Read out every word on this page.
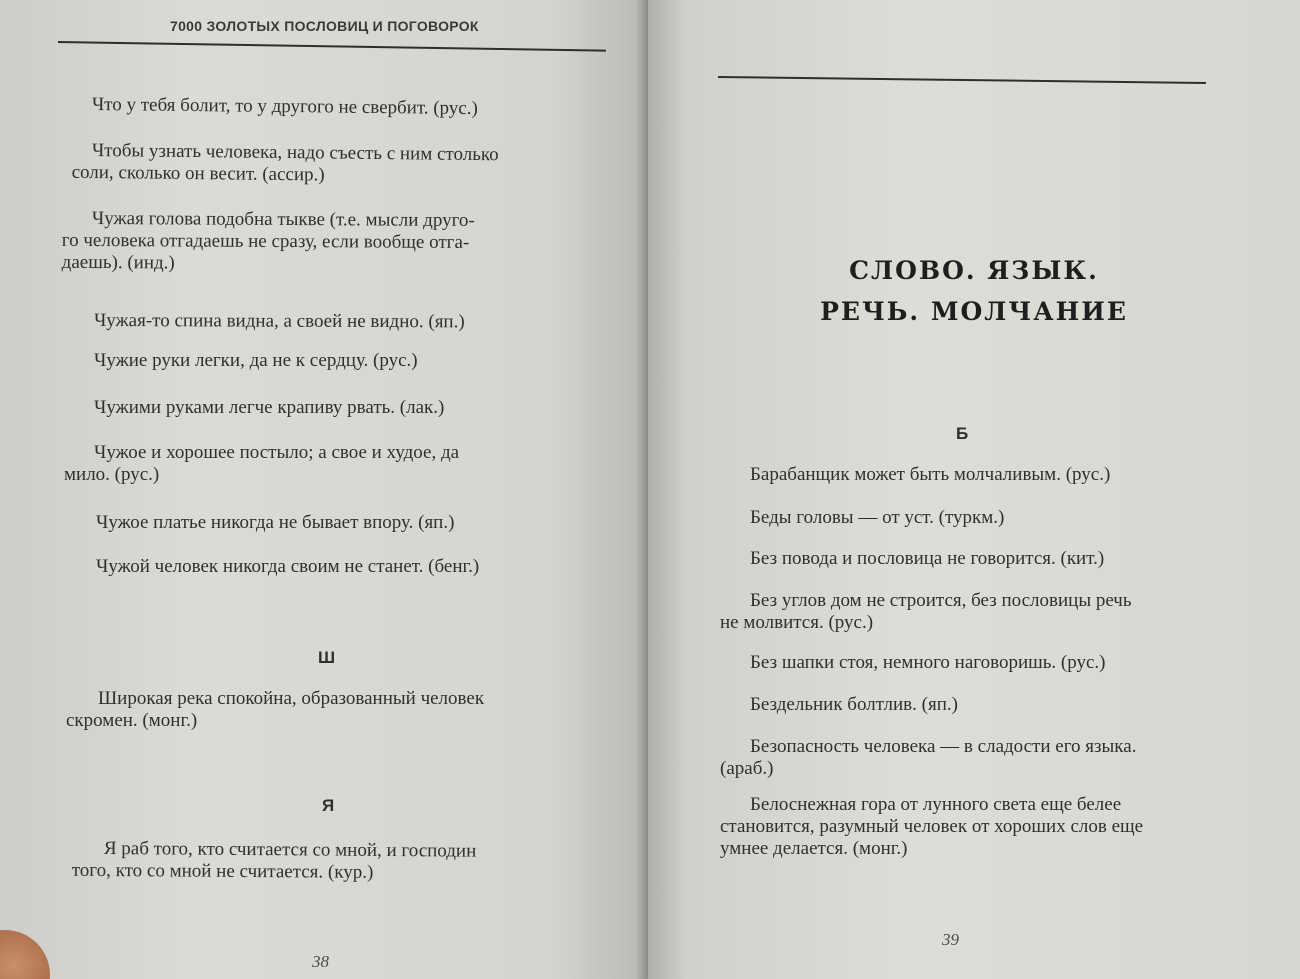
7000 ЗОЛОТЫХ ПОСЛОВИЦ И ПОГОВОРОК
Что у тебя болит, то у другого не свербит. (рус.)
Чтобы узнать человека, надо съесть с ним столько
соли, сколько он весит. (ассир.)
Чужая голова подобна тыкве (т.е. мысли друго-
го человека отгадаешь не сразу, если вообще отга-
даешь). (инд.)
Чужая-то спина видна, а своей не видно. (яп.)
Чужие руки легки, да не к сердцу. (рус.)
Чужими руками легче крапиву рвать. (лак.)
Чужое и хорошее постыло; а свое и худое, да
мило. (рус.)
Чужое платье никогда не бывает впору. (яп.)
Чужой человек никогда своим не станет. (бенг.)
Ш
Широкая река спокойна, образованный человек
скромен. (монг.)
Я
Я раб того, кто считается со мной, и господин
того, кто со мной не считается. (кур.)
38
СЛОВО. ЯЗЫК.
РЕЧЬ. МОЛЧАНИЕ
Б
Барабанщик может быть молчаливым. (рус.)
Беды головы — от уст. (туркм.)
Без повода и пословица не говорится. (кит.)
Без углов дом не строится, без пословицы речь
не молвится. (рус.)
Без шапки стоя, немного наговоришь. (рус.)
Бездельник болтлив. (яп.)
Безопасность человека — в сладости его языка.
(араб.)
Белоснежная гора от лунного света еще белее
становится, разумный человек от хороших слов еще
умнее делается. (монг.)
39
